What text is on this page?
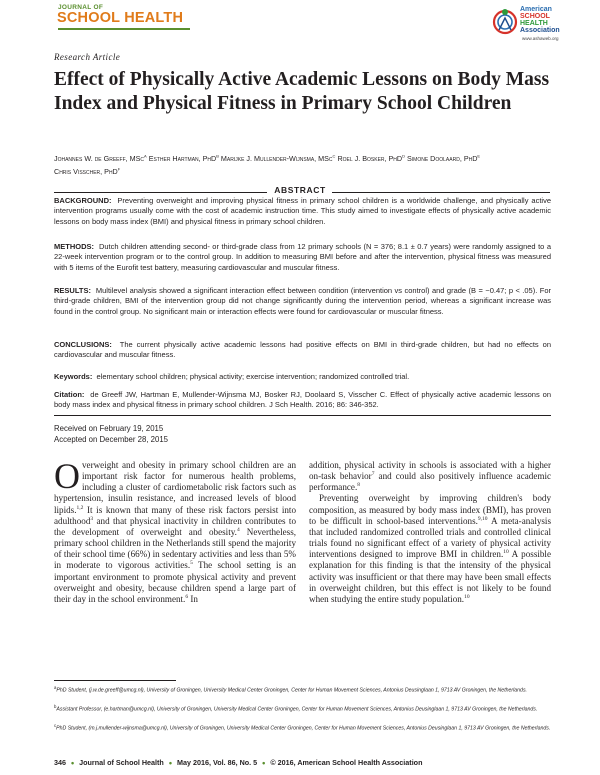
JOURNAL OF
SCHOOL HEALTH
American
SCHOOL
HEALTH
Association
www.ashaweb.org
Research Article
Effect of Physically Active Academic Lessons on Body Mass Index and Physical Fitness in Primary School Children
Johannes W. de Greeff, MSc$^a$ Esther Hartman, PhD$^b$ Marijke J. Mullender-Wijnsma, MSc$^c$ Roel J. Bosker, PhD$^d$ Simone Doolaard, PhD$^e$
Chris Visscher, PhD$^f$
ABSTRACT
BACKGROUND: Preventing overweight and improving physical fitness in primary school children is a worldwide challenge, and physically active intervention programs usually come with the cost of academic instruction time. This study aimed to investigate effects of physically active academic lessons on body mass index (BMI) and physical fitness in primary school children.
METHODS: Dutch children attending second- or third-grade class from 12 primary schools (N = 376; 8.1 ± 0.7 years) were randomly assigned to a 22-week intervention program or to the control group. In addition to measuring BMI before and after the intervention, physical fitness was measured with 5 items of the Eurofit test battery, measuring cardiovascular and muscular fitness.
RESULTS: Multilevel analysis showed a significant interaction effect between condition (intervention vs control) and grade (B = −0.47; p < .05). For third-grade children, BMI of the intervention group did not change significantly during the intervention period, whereas a significant increase was found in the control group. No significant main or interaction effects were found for cardiovascular or muscular fitness.
CONCLUSIONS: The current physically active academic lessons had positive effects on BMI in third-grade children, but had no effects on cardiovascular and muscular fitness.
Keywords: elementary school children; physical activity; exercise intervention; randomized controlled trial.
Citation: de Greeff JW, Hartman E, Mullender-Wijnsma MJ, Bosker RJ, Doolaard S, Visscher C. Effect of physically active academic lessons on body mass index and physical fitness in primary school children. J Sch Health. 2016; 86: 346-352.
Received on February 19, 2015
Accepted on December 28, 2015
Overweight and obesity in primary school children are an important risk factor for numerous health problems, including a cluster of cardiometabolic risk factors such as hypertension, insulin resistance, and increased levels of blood lipids.$^{1,2}$ It is known that many of these risk factors persist into adulthood$^3$ and that physical inactivity in children contributes to the development of overweight and obesity.$^4$ Nevertheless, primary school children in the Netherlands still spend the majority of their school time (66%) in sedentary activities and less than 5% in moderate to vigorous activities.$^5$ The school setting is an important environment to promote physical activity and prevent overweight and obesity, because children spend a large part of their day in the school environment.$^6$ In
addition, physical activity in schools is associated with a higher on-task behavior$^7$ and could also positively influence academic performance.$^8$
Preventing overweight by improving children's body composition, as measured by body mass index (BMI), has proven to be difficult in school-based interventions.$^{9,10}$ A meta-analysis that included randomized controlled trials and controlled clinical trials found no significant effect of a variety of physical activity interventions designed to improve BMI in children.$^{10}$ A possible explanation for this finding is that the intensity of the physical activity was insufficient or that there may have been small effects in overweight children, but this effect is not likely to be found when studying the entire study population.$^{10}$
$^a$PhD Student, (j.w.de.greeff@umcg.nl), University of Groningen, University Medical Center Groningen, Center for Human Movement Sciences, Antonius Deusinglaan 1, 9713 AV Groningen, the Netherlands.
$^b$Assistant Professor, (e.hartman@umcg.nl), University of Groningen, University Medical Center Groningen, Center for Human Movement Sciences, Antonius Deusinglaan 1, 9713 AV Groningen, the Netherlands.
$^c$PhD Student, (m.j.mullender-wijnsma@umcg.nl), University of Groningen, University Medical Center Groningen, Center for Human Movement Sciences, Antonius Deusinglaan 1, 9713 AV Groningen, the Netherlands.
346 • Journal of School Health • May 2016, Vol. 86, No. 5 • © 2016, American School Health Association
